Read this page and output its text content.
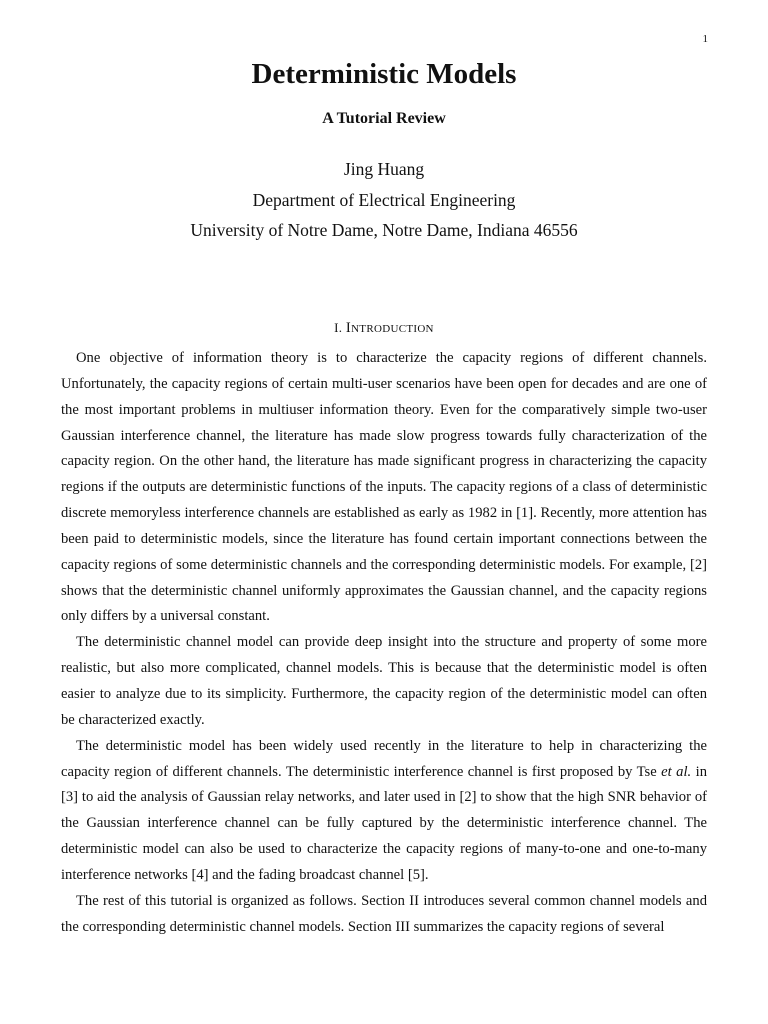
1
Deterministic Models
A Tutorial Review
Jing Huang
Department of Electrical Engineering
University of Notre Dame, Notre Dame, Indiana 46556
I. INTRODUCTION

One objective of information theory is to characterize the capacity regions of different channels. Unfortunately, the capacity regions of certain multi-user scenarios have been open for decades and are one of the most important problems in multiuser information theory. Even for the comparatively simple two-user Gaussian interference channel, the literature has made slow progress towards fully characterization of the capacity region. On the other hand, the literature has made significant progress in characterizing the capacity regions if the outputs are deterministic functions of the inputs. The capacity regions of a class of deterministic discrete memoryless interference channels are established as early as 1982 in [1]. Recently, more attention has been paid to deterministic models, since the literature has found certain important connections between the capacity regions of some deterministic channels and the corresponding deterministic models. For example, [2] shows that the deterministic channel uniformly approximates the Gaussian channel, and the capacity regions only differs by a universal constant.

The deterministic channel model can provide deep insight into the structure and property of some more realistic, but also more complicated, channel models. This is because that the deterministic model is often easier to analyze due to its simplicity. Furthermore, the capacity region of the deterministic model can often be characterized exactly.

The deterministic model has been widely used recently in the literature to help in characterizing the capacity region of different channels. The deterministic interference channel is first proposed by Tse et al. in [3] to aid the analysis of Gaussian relay networks, and later used in [2] to show that the high SNR behavior of the Gaussian interference channel can be fully captured by the deterministic interference channel. The deterministic model can also be used to characterize the capacity regions of many-to-one and one-to-many interference networks [4] and the fading broadcast channel [5].

The rest of this tutorial is organized as follows. Section II introduces several common channel models and the corresponding deterministic channel models. Section III summarizes the capacity regions of several
